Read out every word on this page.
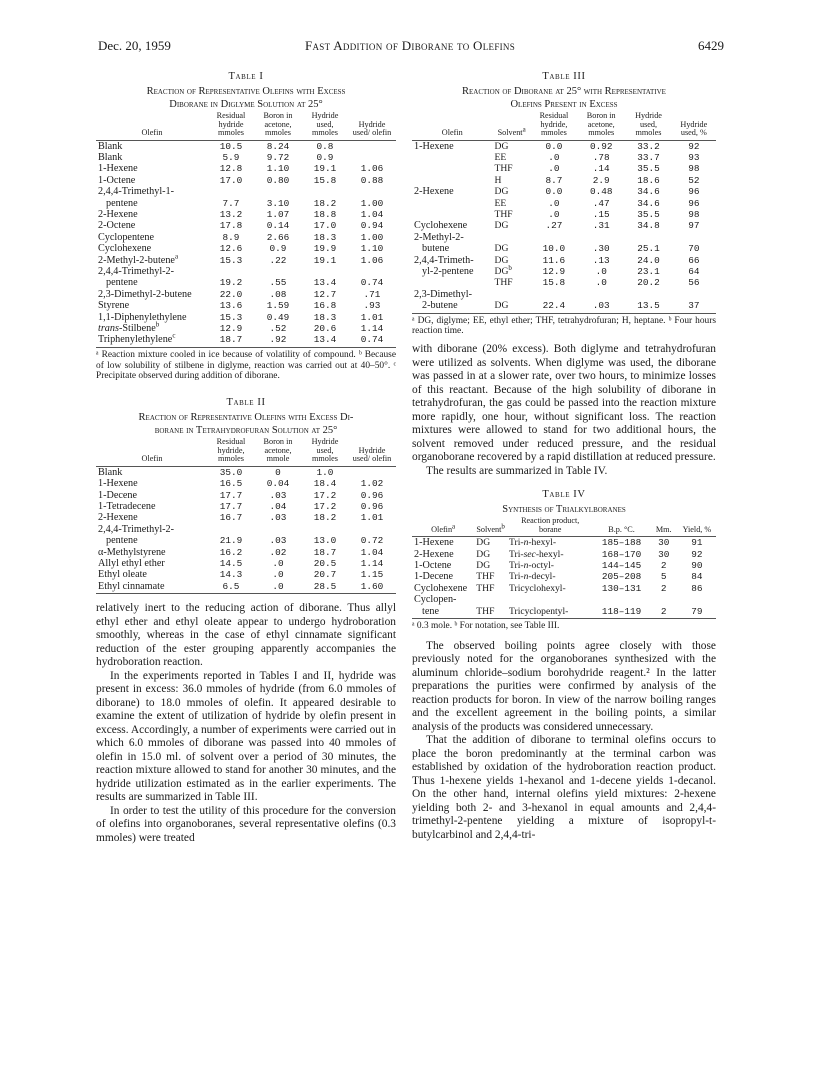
Dec. 20, 1959	Fast Addition of Diborane to Olefins	6429
Table I
Reaction of Representative Olefins with Excess
Diborane in Diglyme Solution at 25°
Olefin	Residual hydride mmoles	Boron in acetone, mmoles	Hydride used, mmoles	Hydride used/ olefin
Blank	10.5	8.24	0.8	
Blank	5.9	9.72	0.9	
1-Hexene	12.8	1.10	19.1	1.06
1-Octene	17.0	0.80	15.8	0.88
2,4,4-Trimethyl-1-				
pentene	7.7	3.10	18.2	1.00
2-Hexene	13.2	1.07	18.8	1.04
2-Octene	17.8	0.14	17.0	0.94
Cyclopentene	8.9	2.66	18.3	1.00
Cyclohexene	12.6	0.9	19.9	1.10
2-Methyl-2-butene$^a$	15.3	.22	19.1	1.06
2,4,4-Trimethyl-2-				
pentene	19.2	.55	13.4	0.74
2,3-Dimethyl-2-butene	22.0	.08	12.7	.71
Styrene	13.6	1.59	16.8	.93
1,1-Diphenylethylene	15.3	0.49	18.3	1.01
trans-Stilbene$^b$	12.9	.52	20.6	1.14
Triphenylethylene$^c$	18.7	.92	13.4	0.74
ᵃ Reaction mixture cooled in ice because of volatility of compound. ᵇ Because of low solubility of stilbene in diglyme, reaction was carried out at 40–50°. ᶜ Precipitate observed during addition of diborane.
Table II
Reaction of Representative Olefins with Excess Di-
borane in Tetrahydrofuran Solution at 25°
Olefin	Residual hydride, mmoles	Boron in acetone, mmole	Hydride used, mmoles	Hydride used/ olefin
Blank	35.0	0	1.0	
1-Hexene	16.5	0.04	18.4	1.02
1-Decene	17.7	.03	17.2	0.96
1-Tetradecene	17.7	.04	17.2	0.96
2-Hexene	16.7	.03	18.2	1.01
2,4,4-Trimethyl-2-				
pentene	21.9	.03	13.0	0.72
α-Methylstyrene	16.2	.02	18.7	1.04
Allyl ethyl ether	14.5	.0	20.5	1.14
Ethyl oleate	14.3	.0	20.7	1.15
Ethyl cinnamate	6.5	.0	28.5	1.60

relatively inert to the reducing action of diborane. Thus allyl ethyl ether and ethyl oleate appear to undergo hydroboration smoothly, whereas in the case of ethyl cinnamate significant reduction of the ester grouping apparently accompanies the hydroboration reaction.

In the experiments reported in Tables I and II, hydride was present in excess: 36.0 mmoles of hydride (from 6.0 mmoles of diborane) to 18.0 mmoles of olefin. It appeared desirable to examine the extent of utilization of hydride by olefin present in excess. Accordingly, a number of experiments were carried out in which 6.0 mmoles of diborane was passed into 40 mmoles of olefin in 15.0 ml. of solvent over a period of 30 minutes, the reaction mixture allowed to stand for another 30 minutes, and the hydride utilization estimated as in the earlier experiments. The results are summarized in Table III.

In order to test the utility of this procedure for the conversion of olefins into organoboranes, several representative olefins (0.3 mmoles) were treated

Table III
Reaction of Diborane at 25° with Representative
Olefins Present in Excess
Olefin	Solvent$^a$	Residual hydride, mmoles	Boron in acetone, mmoles	Hydride used, mmoles	Hydride used, %
1-Hexene	DG	0.0	0.92	33.2	92
	EE	.0	.78	33.7	93
	THF	.0	.14	35.5	98
	H	8.7	2.9	18.6	52
2-Hexene	DG	0.0	0.48	34.6	96
	EE	.0	.47	34.6	96
	THF	.0	.15	35.5	98
Cyclohexene	DG	.27	.31	34.8	97
2-Methyl-2-					
butene	DG	10.0	.30	25.1	70
2,4,4-Trimeth-	DG	11.6	.13	24.0	66
yl-2-pentene	$DG^b$	12.9	.0	23.1	64
	THF	15.8	.0	20.2	56
2,3-Dimethyl-					
2-butene	DG	22.4	.03	13.5	37
ᵃ DG, diglyme; EE, ethyl ether; THF, tetrahydrofuran; H, heptane. ᵇ Four hours reaction time.

with diborane (20% excess). Both diglyme and tetrahydrofuran were utilized as solvents. When diglyme was used, the diborane was passed in at a slower rate, over two hours, to minimize losses of this reactant. Because of the high solubility of diborane in tetrahydrofuran, the gas could be passed into the reaction mixture more rapidly, one hour, without significant loss. The reaction mixtures were allowed to stand for two additional hours, the solvent removed under reduced pressure, and the residual organoborane recovered by a rapid distillation at reduced pressure.

The results are summarized in Table IV.

Table IV
Synthesis of Trialkylboranes
Olefin$^a$	Solvent$^b$	Reaction product, borane	B.p. °C.	Mm.	Yield, %
1-Hexene	DG	Tri-n-hexyl-	185–188	30	91
2-Hexene	DG	Tri-sec-hexyl-	168–170	30	92
1-Octene	DG	Tri-n-octyl-	144–145	2	90
1-Decene	THF	Tri-n-decyl-	205–208	5	84
Cyclohexene	THF	Tricyclohexyl-	130–131	2	86
Cyclopen-					
tene	THF	Tricyclopentyl-	118–119	2	79
ᵃ 0.3 mole. ᵇ For notation, see Table III.

The observed boiling points agree closely with those previously noted for the organoboranes synthesized with the aluminum chloride–sodium borohydride reagent.² In the latter preparations the purities were confirmed by analysis of the reaction products for boron. In view of the narrow boiling ranges and the excellent agreement in the boiling points, a similar analysis of the products was considered unnecessary.

That the addition of diborane to terminal olefins occurs to place the boron predominantly at the terminal carbon was established by oxidation of the hydroboration reaction product. Thus 1-hexene yields 1-hexanol and 1-decene yields 1-decanol. On the other hand, internal olefins yield mixtures: 2-hexene yielding both 2- and 3-hexanol in equal amounts and 2,4,4-trimethyl-2-pentene yielding a mixture of isopropyl-t-butylcarbinol and 2,4,4-tri-
